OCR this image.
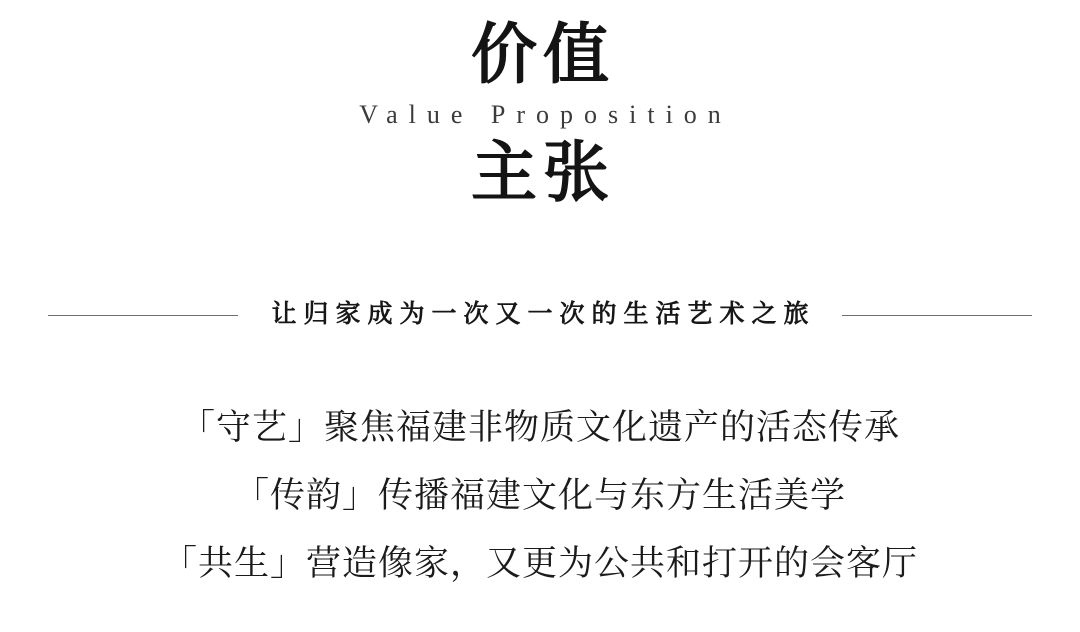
价值
Value Proposition
主张
让归家成为一次又一次的生活艺术之旅
「守艺」聚焦福建非物质文化遗产的活态传承
「传韵」传播福建文化与东方生活美学
「共生」营造像家，又更为公共和打开的会客厅
